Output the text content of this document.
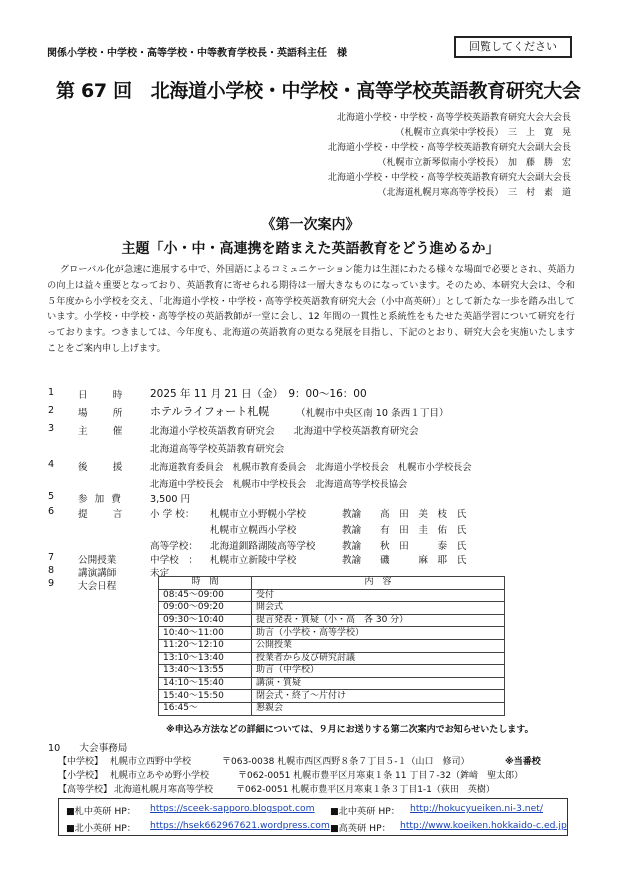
関係小学校・中学校・高等学校・中等教育学校長・英語科主任　様
回覧してください
第 67 回　北海道小学校・中学校・高等学校英語教育研究大会
北海道小学校・中学校・高等学校英語教育研究大会大会長
（札幌市立真栄中学校長）　三　上　寛　晃
北海道小学校・中学校・高等学校英語教育研究大会副大会長
（札幌市立新琴似南小学校長）　加　藤　勝　宏
北海道小学校・中学校・高等学校英語教育研究大会副大会長
（北海道札幌月寒高等学校長）　三　村　素　道
《第一次案内》
主題「小・中・高連携を踏まえた英語教育をどう進めるか」
グローバル化が急速に進展する中で、外国語によるコミュニケーション能力は生涯にわたる様々な場面で必要とされ、英語力の向上は益々重要となっており、英語教育に寄せられる期待は一層大きなものになっています。そのため、本研究大会は、令和５年度から小学校を交え、「北海道小学校・中学校・高等学校英語教育研究大会（小中高英研）」として新たな一歩を踏み出しています。小学校・中学校・高等学校の英語教師が一堂に会し、12 年間の一貫性と系統性をもたせた英語学習について研究を行っております。つきましては、今年度も、北海道の英語教育の更なる発展を目指し、下記のとおり、研究大会を実施いたしますことをご案内申し上げます。
1 日　　時 2025 年 11 月 21 日（金）　9：00～16：00
2 場　　所 ホテルライフォート札幌	（札幌市中央区南 10 条西１丁目）
3 主　　催	北海道小学校英語教育研究会　　北海道中学校英語教育研究会
北海道高等学校英語教育研究会
4 後　　援	北海道教育委員会　札幌市教育委員会　北海道小学校長会　札幌市小学校長会
北海道中学校長会　札幌市中学校長会　北海道高等学校長協会
5 参 加 費	3,500 円
6 提　　言	小 学 校： 札幌市立小野幌小学校	教諭 高　田　美　枝　氏
札幌市立幌西小学校	教諭 有　田　圭　佑　氏
高等学校： 北海道釧路湖陵高等学校	教諭 秋　田　　　泰　氏
7 公開授業	中学校　： 札幌市立新陵中学校	教諭 磯　　　麻　耶　氏
8 講演講師	未定
9 大会日程	時　間	内　容
08:45～09:00	受付
09:00～09:20	開会式
09:30～10:40	提言発表・質疑（小・高　各 30 分）
10:40～11:00	助言（小学校・高等学校）
11:20～12:10	公開授業
13:10～13:40	授業者から及び研究討議
13:40～13:55	助言（中学校）
14:10～15:40	講演・質疑
15:40～15:50	閉会式・終了～片付け
16:45～	懇親会
※申込み方法などの詳細については、９月にお送りする第二次案内でお知らせいたします。
10　　大会事務局
【中学校】 札幌市立西野中学校	〒063-0038 札幌市西区西野８条７丁目５-１（山口　修司）	※当番校
【小学校】 札幌市立あやめ野小学校	〒062-0051 札幌市豊平区月寒東１条 11 丁目７-32（鉾﨑　聖太郎）
【高等学校】 北海道札幌月寒高等学校	〒062-0051 札幌市豊平区月寒東１条３丁目1-1（荻田　英樹）
■札中英研 HP： https://sceek-sapporo.blogspot.com ■北中英研 HP： http://hokucyueiken.ni-3.net/
■北小英研 HP： https://hsek662967621.wordpress.com ■高英研 HP： http://www.koeiken.hokkaido-c.ed.jp
